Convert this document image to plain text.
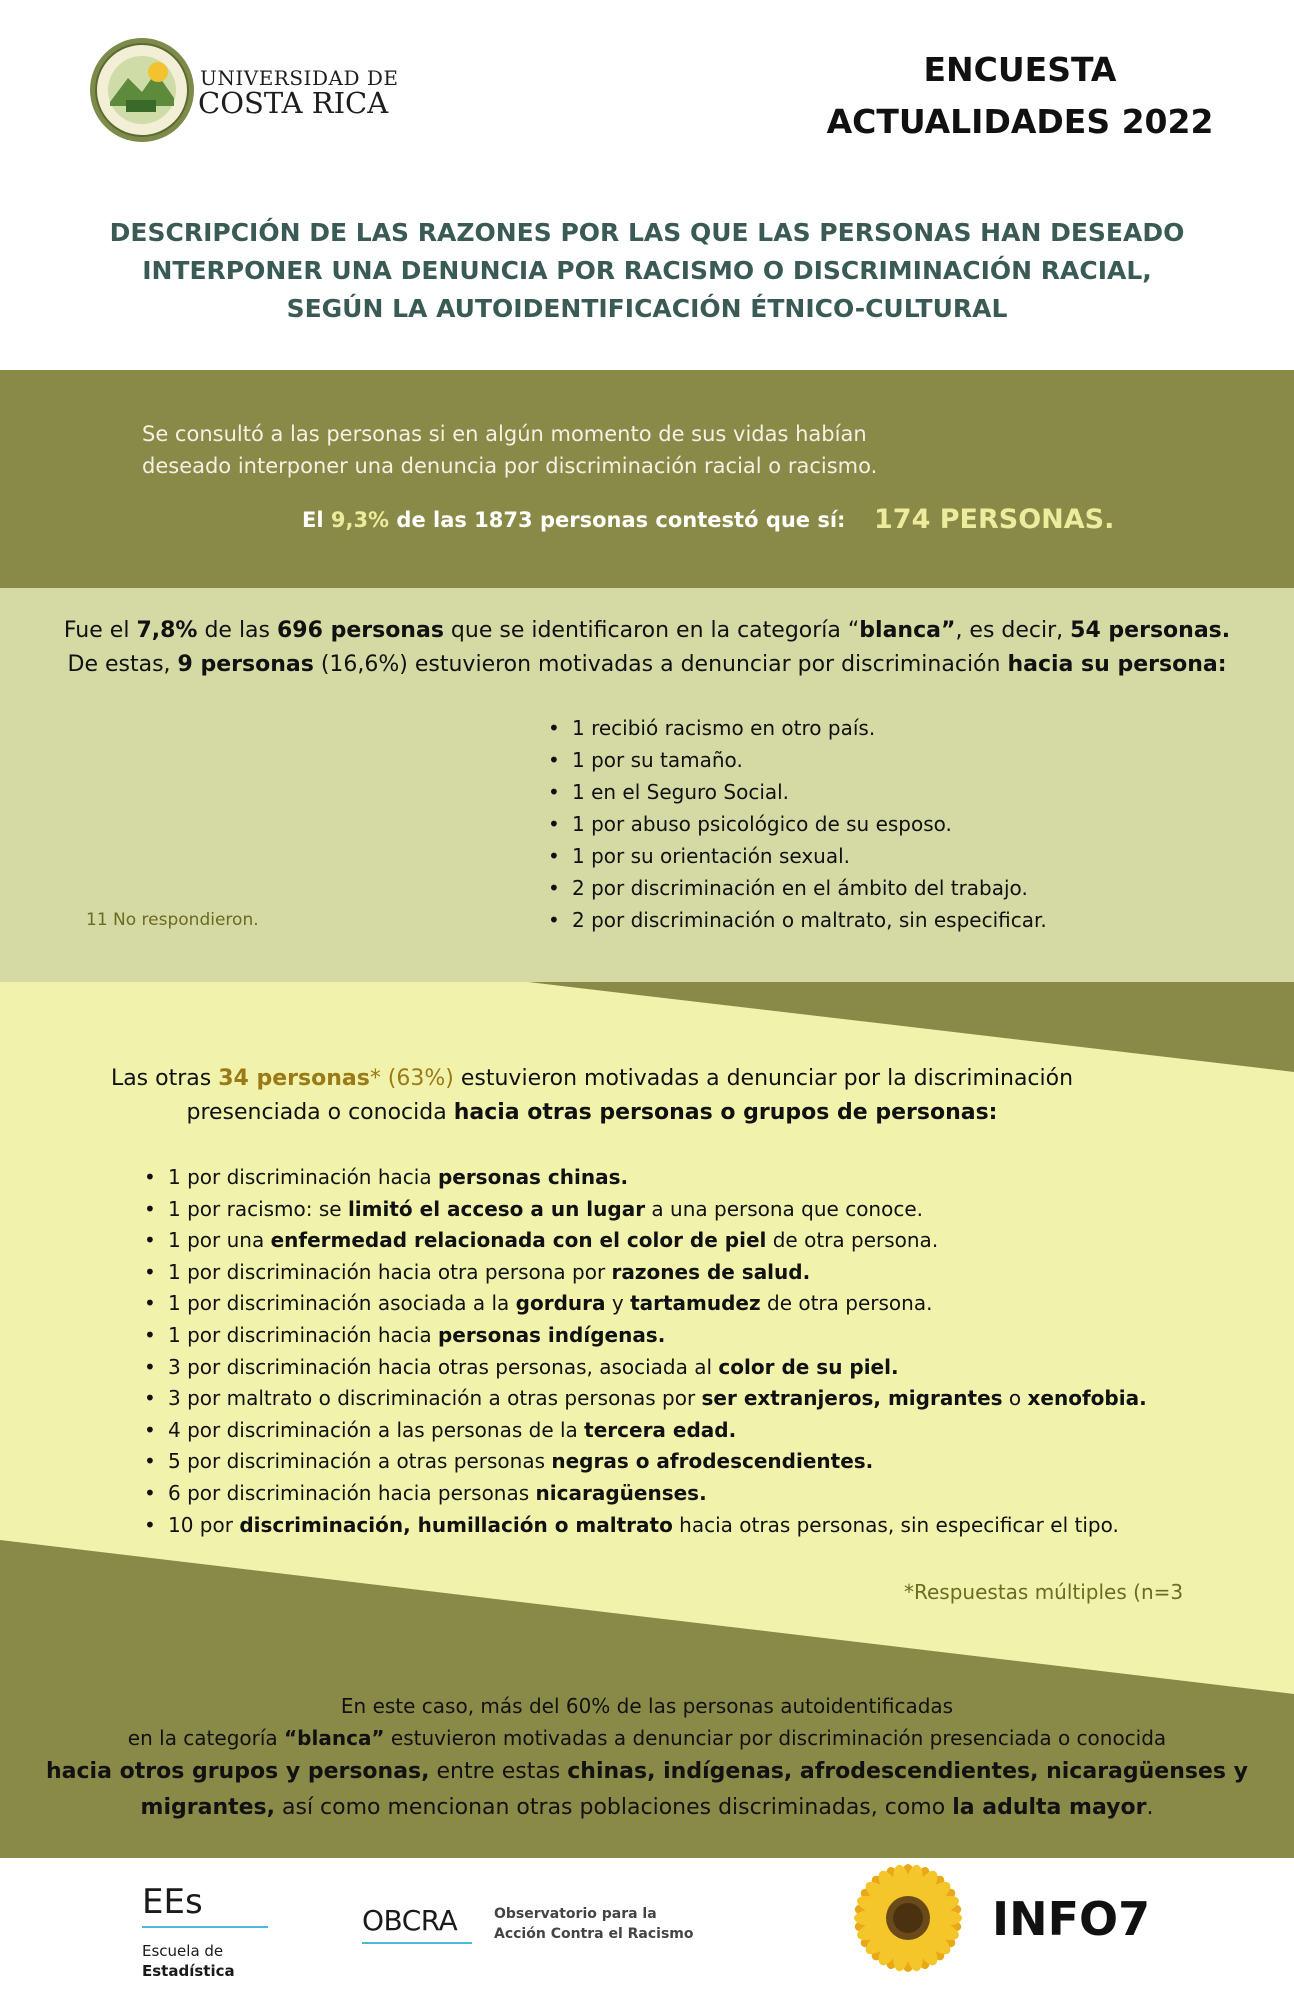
UNIVERSIDAD DE
COSTA RICA
ENCUESTA
ACTUALIDADES 2022
DESCRIPCIÓN DE LAS RAZONES POR LAS QUE LAS PERSONAS HAN DESEADO
INTERPONER UNA DENUNCIA POR RACISMO O DISCRIMINACIÓN RACIAL,
SEGÚN LA AUTOIDENTIFICACIÓN ÉTNICO-CULTURAL
Se consultó a las personas si en algún momento de sus vidas habían deseado interponer una denuncia por discriminación racial o racismo.
El 9,3% de las 1873 personas contestó que sí: 174 PERSONAS.
Fue el 7,8% de las 696 personas que se identificaron en la categoría “blanca”, es decir, 54 personas.
De estas, 9 personas (16,6%) estuvieron motivadas a denunciar por discriminación hacia su persona:
• 1 recibió racismo en otro país.
• 1 por su tamaño.
• 1 en el Seguro Social.
• 1 por abuso psicológico de su esposo.
• 1 por su orientación sexual.
• 2 por discriminación en el ámbito del trabajo.
• 2 por discriminación o maltrato, sin especificar.
11 No respondieron.
Las otras 34 personas* (63%) estuvieron motivadas a denunciar por la discriminación
presenciada o conocida hacia otras personas o grupos de personas:
• 1 por discriminación hacia personas chinas.
• 1 por racismo: se limitó el acceso a un lugar a una persona que conoce.
• 1 por una enfermedad relacionada con el color de piel de otra persona.
• 1 por discriminación hacia otra persona por razones de salud.
• 1 por discriminación asociada a la gordura y tartamudez de otra persona.
• 1 por discriminación hacia personas indígenas.
• 3 por discriminación hacia otras personas, asociada al color de su piel.
• 3 por maltrato o discriminación a otras personas por ser extranjeros, migrantes o xenofobia.
• 4 por discriminación a las personas de la tercera edad.
• 5 por discriminación a otras personas negras o afrodescendientes.
• 6 por discriminación hacia personas nicaragüenses.
• 10 por discriminación, humillación o maltrato hacia otras personas, sin especificar el tipo.
*Respuestas múltiples (n=3
En este caso, más del 60% de las personas autoidentificadas
en la categoría “blanca” estuvieron motivadas a denunciar por discriminación presenciada o conocida
hacia otros grupos y personas, entre estas chinas, indígenas, afrodescendientes, nicaragüenses y
migrantes, así como mencionan otras poblaciones discriminadas, como la adulta mayor.
EEs
Escuela de
Estadística
OBCRA	Observatorio para la
Acción Contra el Racismo	INFO7
